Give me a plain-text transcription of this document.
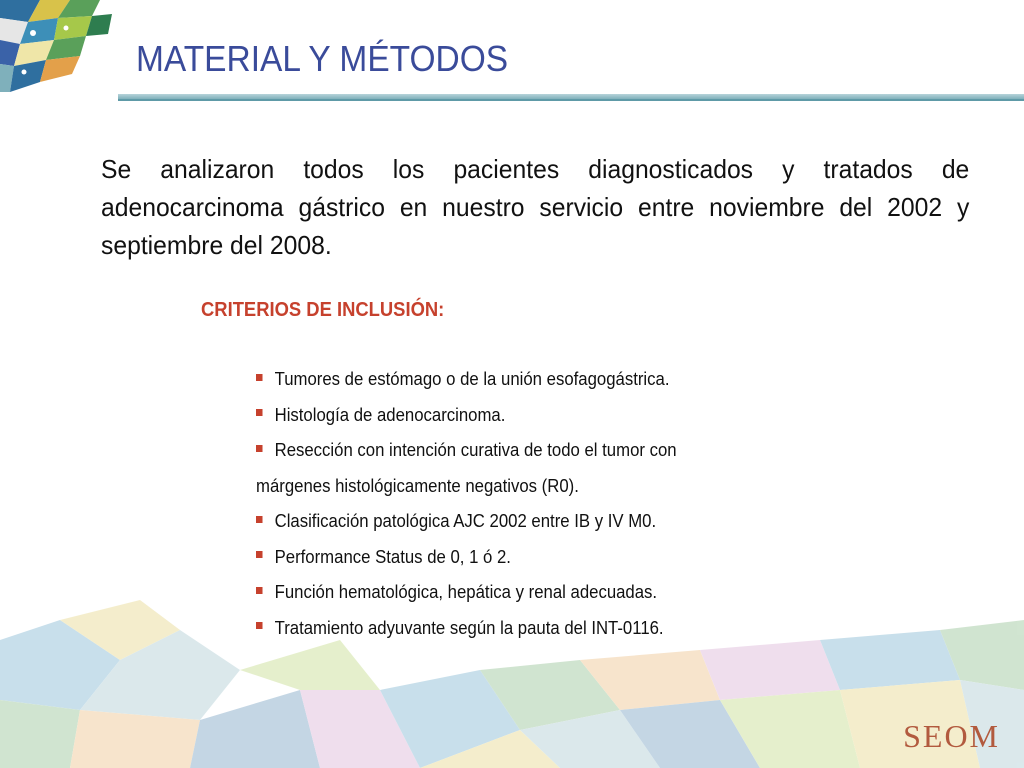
MATERIAL Y MÉTODOS
Se analizaron todos los pacientes diagnosticados y tratados de adenocarcinoma gástrico en nuestro servicio entre noviembre del 2002 y septiembre del 2008.
CRITERIOS DE INCLUSIÓN:
Tumores de estómago o de la unión esofagogástrica.
Histología de adenocarcinoma.
Resección con intención curativa de todo el tumor con
márgenes histológicamente negativos (R0).
Clasificación patológica AJC 2002 entre IB y IV M0.
Performance Status de 0, 1 ó 2.
Función hematológica, hepática y renal adecuadas.
Tratamiento adyuvante según la pauta del INT-0116.
SEOM
